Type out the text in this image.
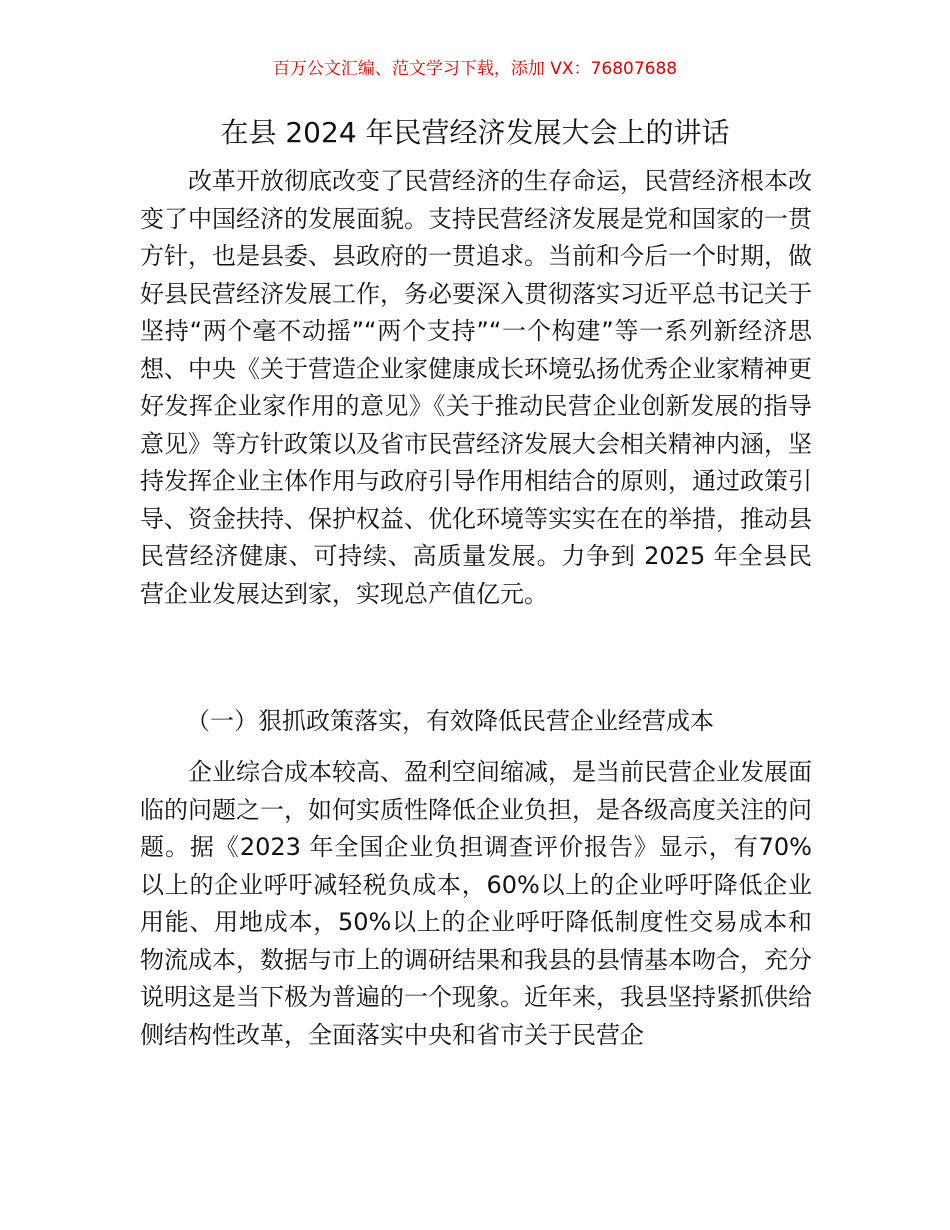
百万公文汇编、范文学习下载，添加 VX：76807688
在县 2024 年民营经济发展大会上的讲话

改革开放彻底改变了民营经济的生存命运，民营经济根本改变了中国经济的发展面貌。支持民营经济发展是党和国家的一贯方针，也是县委、县政府的一贯追求。当前和今后一个时期，做好县民营经济发展工作，务必要深入贯彻落实习近平总书记关于坚持“两个毫不动摇”“两个支持”“一个构建”等一系列新经济思想、中央《关于营造企业家健康成长环境弘扬优秀企业家精神更好发挥企业家作用的意见》《关于推动民营企业创新发展的指导意见》等方针政策以及省市民营经济发展大会相关精神内涵，坚持发挥企业主体作用与政府引导作用相结合的原则，通过政策引导、资金扶持、保护权益、优化环境等实实在在的举措，推动县民营经济健康、可持续、高质量发展。力争到 2025 年全县民营企业发展达到家，实现总产值亿元。

（一）狠抓政策落实，有效降低民营企业经营成本

企业综合成本较高、盈利空间缩减，是当前民营企业发展面临的问题之一，如何实质性降低企业负担，是各级高度关注的问题。据《2023 年全国企业负担调查评价报告》显示，有70%以上的企业呼吁减轻税负成本，60%以上的企业呼吁降低企业用能、用地成本，50%以上的企业呼吁降低制度性交易成本和物流成本，数据与市上的调研结果和我县的县情基本吻合，充分说明这是当下极为普遍的一个现象。近年来，我县坚持紧抓供给侧结构性改革，全面落实中央和省市关于民营企
